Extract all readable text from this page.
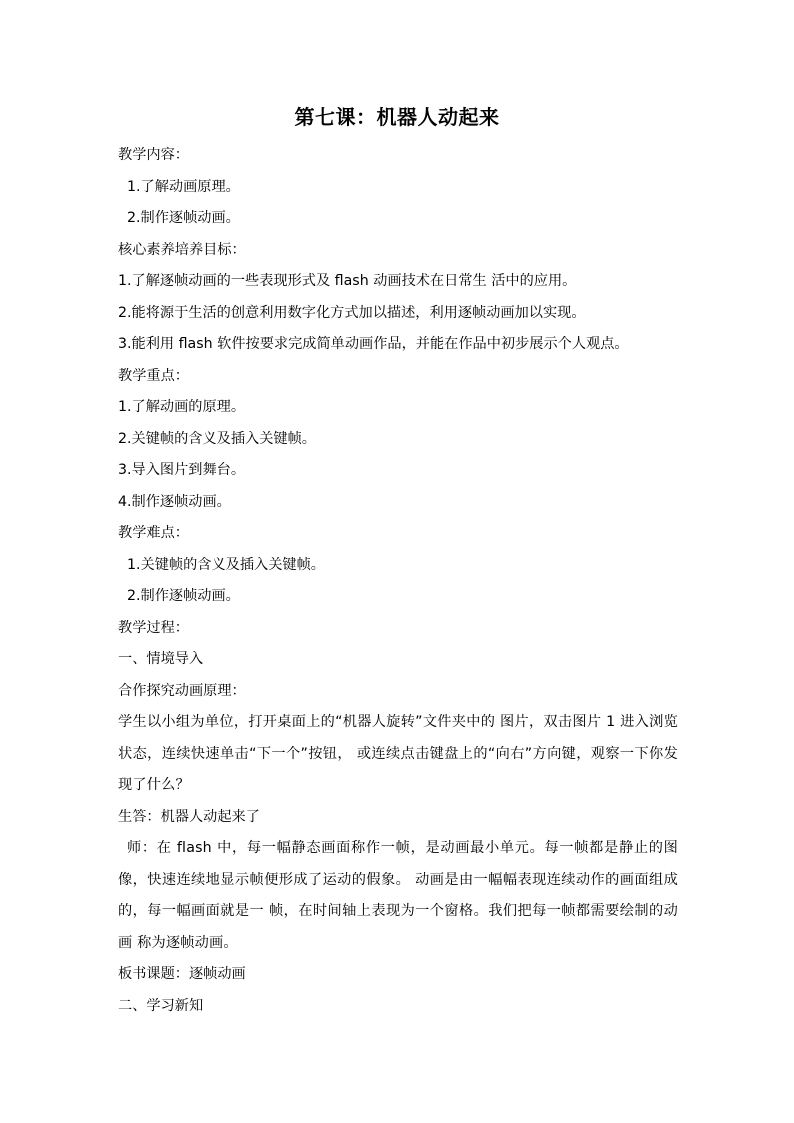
第七课：机器人动起来
教学内容：
1.了解动画原理。
2.制作逐帧动画。
核心素养培养目标：
1.了解逐帧动画的一些表现形式及 flash 动画技术在日常生 活中的应用。
2.能将源于生活的创意利用数字化方式加以描述，利用逐帧动画加以实现。
3.能利用 flash 软件按要求完成简单动画作品，并能在作品中初步展示个人观点。
教学重点：
1.了解动画的原理。
2.关键帧的含义及插入关键帧。
3.导入图片到舞台。
4.制作逐帧动画。
教学难点：
1.关键帧的含义及插入关键帧。
2.制作逐帧动画。
教学过程：
一、情境导入
合作探究动画原理：
学生以小组为单位，打开桌面上的“机器人旋转”文件夹中的 图片，双击图片 1 进入浏览状态，连续快速单击“下一个”按钮， 或连续点击键盘上的“向右”方向键，观察一下你发现了什么？
生答：机器人动起来了
师：在 flash 中，每一幅静态画面称作一帧，是动画最小单元。每一帧都是静止的图像，快速连续地显示帧便形成了运动的假象。 动画是由一幅幅表现连续动作的画面组成的，每一幅画面就是一 帧，在时间轴上表现为一个窗格。我们把每一帧都需要绘制的动画 称为逐帧动画。
板书课题：逐帧动画
二、学习新知
